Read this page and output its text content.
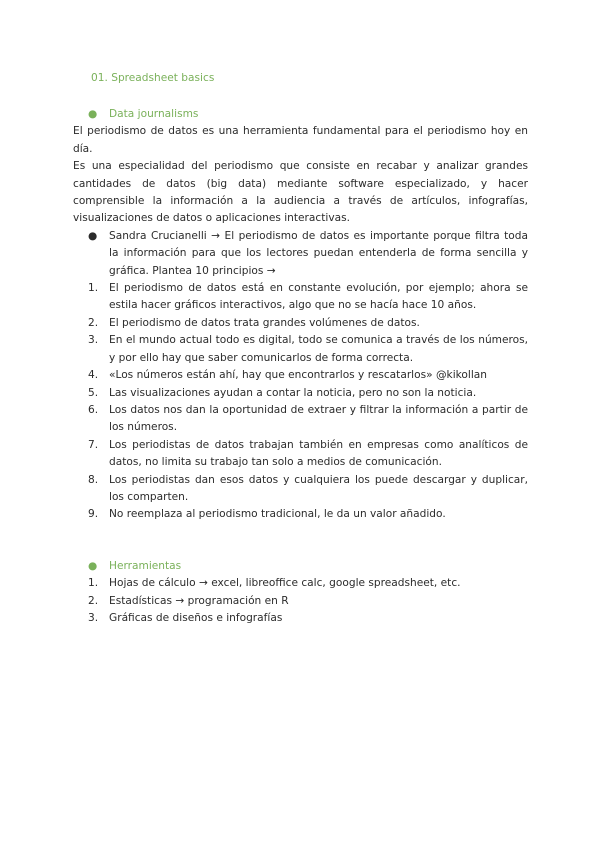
01. Spreadsheet basics
● Data journalisms

El periodismo de datos es una herramienta fundamental para el periodismo hoy en día.

Es una especialidad del periodismo que consiste en recabar y analizar grandes cantidades de datos (big data) mediante software especializado, y hacer comprensible la información a la audiencia a través de artículos, infografías, visualizaciones de datos o aplicaciones interactivas.

● Sandra Crucianelli → El periodismo de datos es importante porque filtra toda la información para que los lectores puedan entenderla de forma sencilla y gráfica. Plantea 10 principios →
1. El periodismo de datos está en constante evolución, por ejemplo; ahora se estila hacer gráficos interactivos, algo que no se hacía hace 10 años.
2. El periodismo de datos trata grandes volúmenes de datos.
3. En el mundo actual todo es digital, todo se comunica a través de los números, y por ello hay que saber comunicarlos de forma correcta.
4. «Los números están ahí, hay que encontrarlos y rescatarlos» @kikollan
5. Las visualizaciones ayudan a contar la noticia, pero no son la noticia.
6. Los datos nos dan la oportunidad de extraer y filtrar la información a partir de los números.
7. Los periodistas de datos trabajan también en empresas como analíticos de datos, no limita su trabajo tan solo a medios de comunicación.
8. Los periodistas dan esos datos y cualquiera los puede descargar y duplicar, los comparten.
9. No reemplaza al periodismo tradicional, le da un valor añadido.
● Herramientas
1. Hojas de cálculo → excel, libreoffice calc, google spreadsheet, etc.
2. Estadísticas → programación en R
3. Gráficas de diseños e infografías
